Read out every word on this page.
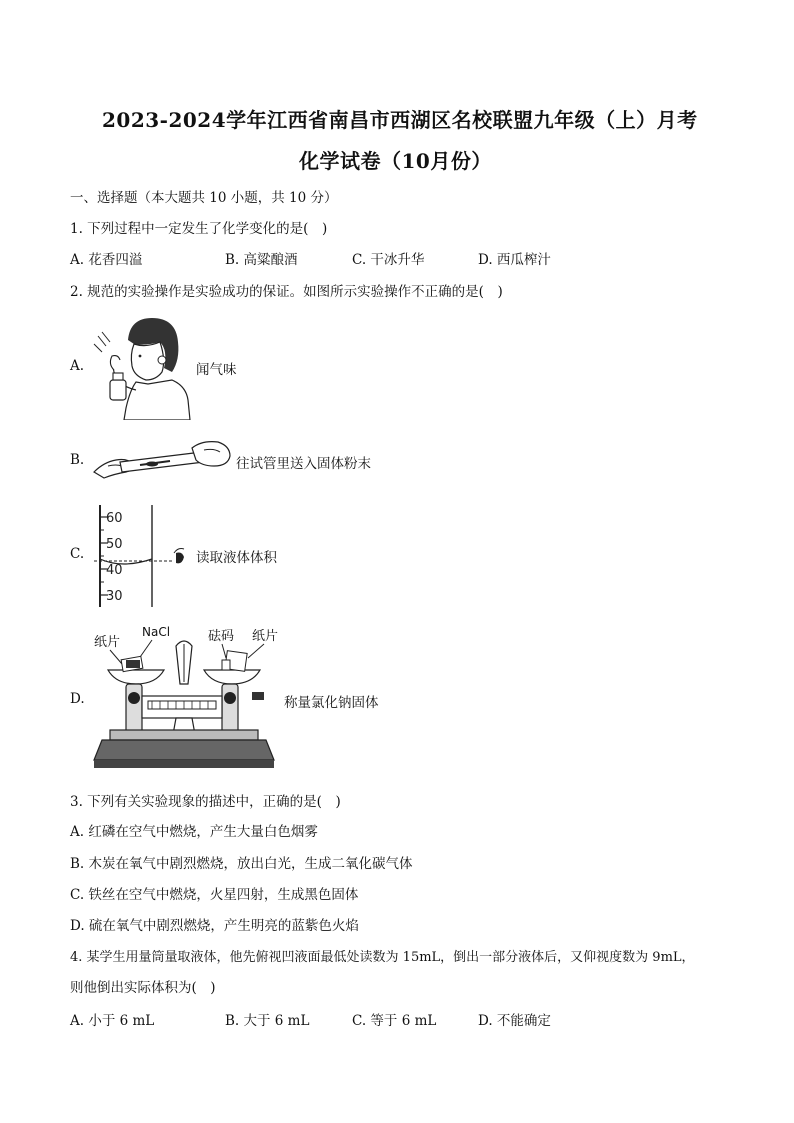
2023-2024学年江西省南昌市西湖区名校联盟九年级（上）月考
化学试卷（10月份）
一、选择题（本大题共 10 小题，共 10 分）
1. 下列过程中一定发生了化学变化的是(　)
A. 花香四溢	B. 高粱酿酒	C. 干冰升华	D. 西瓜榨汁
2. 规范的实验操作是实验成功的保证。如图所示实验操作不正确的是(　)
A.	闻气味
B.	往试管里送入固体粉末
C.
60
50
40
30
读取液体体积
D.
纸片
NaCl	砝码 纸片
称量氯化钠固体
3. 下列有关实验现象的描述中，正确的是(　)
A. 红磷在空气中燃烧，产生大量白色烟雾
B. 木炭在氧气中剧烈燃烧，放出白光，生成二氧化碳气体
C. 铁丝在空气中燃烧，火星四射，生成黑色固体
D. 硫在氧气中剧烈燃烧，产生明亮的蓝紫色火焰
4. 某学生用量筒量取液体，他先俯视凹液面最低处读数为 15mL，倒出一部分液体后，又仰视度数为 9mL，
则他倒出实际体积为(　)
A. 小于 6 mL	B. 大于 6 mL	C. 等于 6 mL	D. 不能确定
